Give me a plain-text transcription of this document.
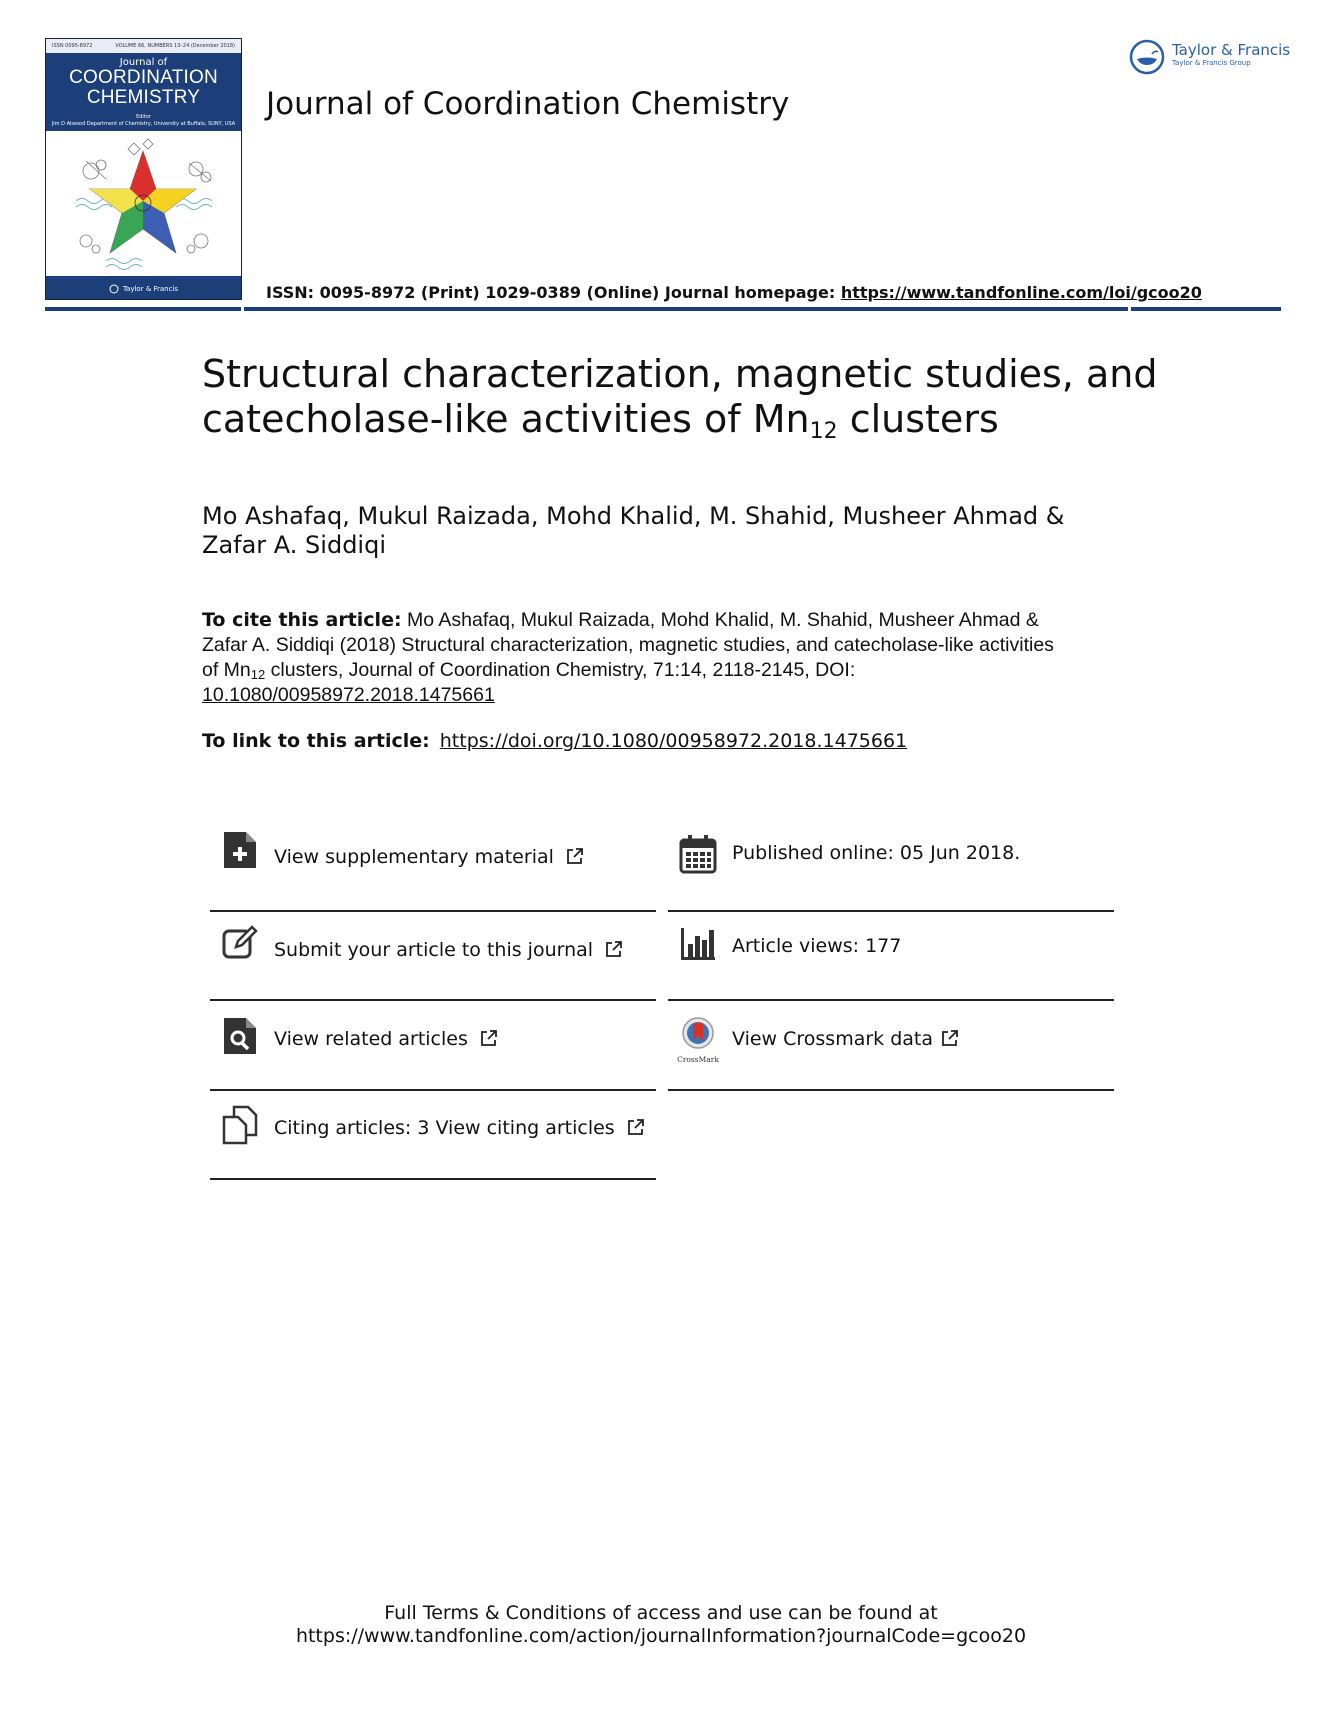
ISSN 0095-8972	VOLUME 66, NUMBERS 13–24 (December 2018)
Journal of
COORDINATION
CHEMISTRY
Editor
Jim D Atwood Department of Chemistry, University at Buffalo, SUNY, USA
Taylor & Francis
Journal of Coordination Chemistry
ISSN: 0095-8972 (Print) 1029-0389 (Online) Journal homepage: https://www.tandfonline.com/loi/gcoo20
Taylor & Francis
Taylor & Francis Group
Structural characterization, magnetic studies, and catecholase-like activities of $Mn_{12}$ clusters
Mo Ashafaq, Mukul Raizada, Mohd Khalid, M. Shahid, Musheer Ahmad & Zafar A. Siddiqi
To cite this article: Mo Ashafaq, Mukul Raizada, Mohd Khalid, M. Shahid, Musheer Ahmad & Zafar A. Siddiqi (2018) Structural characterization, magnetic studies, and catecholase-like activities of $Mn_{12}$ clusters, Journal of Coordination Chemistry, 71:14, 2118-2145, DOI: 10.1080/00958972.2018.1475661
To link to this article: https://doi.org/10.1080/00958972.2018.1475661
View supplementary material
Submit your article to this journal
View related articles
Citing articles: 3 View citing articles
Published online: 05 Jun 2018.
Article views: 177
CrossMark
View Crossmark data
Full Terms & Conditions of access and use can be found at
https://www.tandfonline.com/action/journalInformation?journalCode=gcoo20
